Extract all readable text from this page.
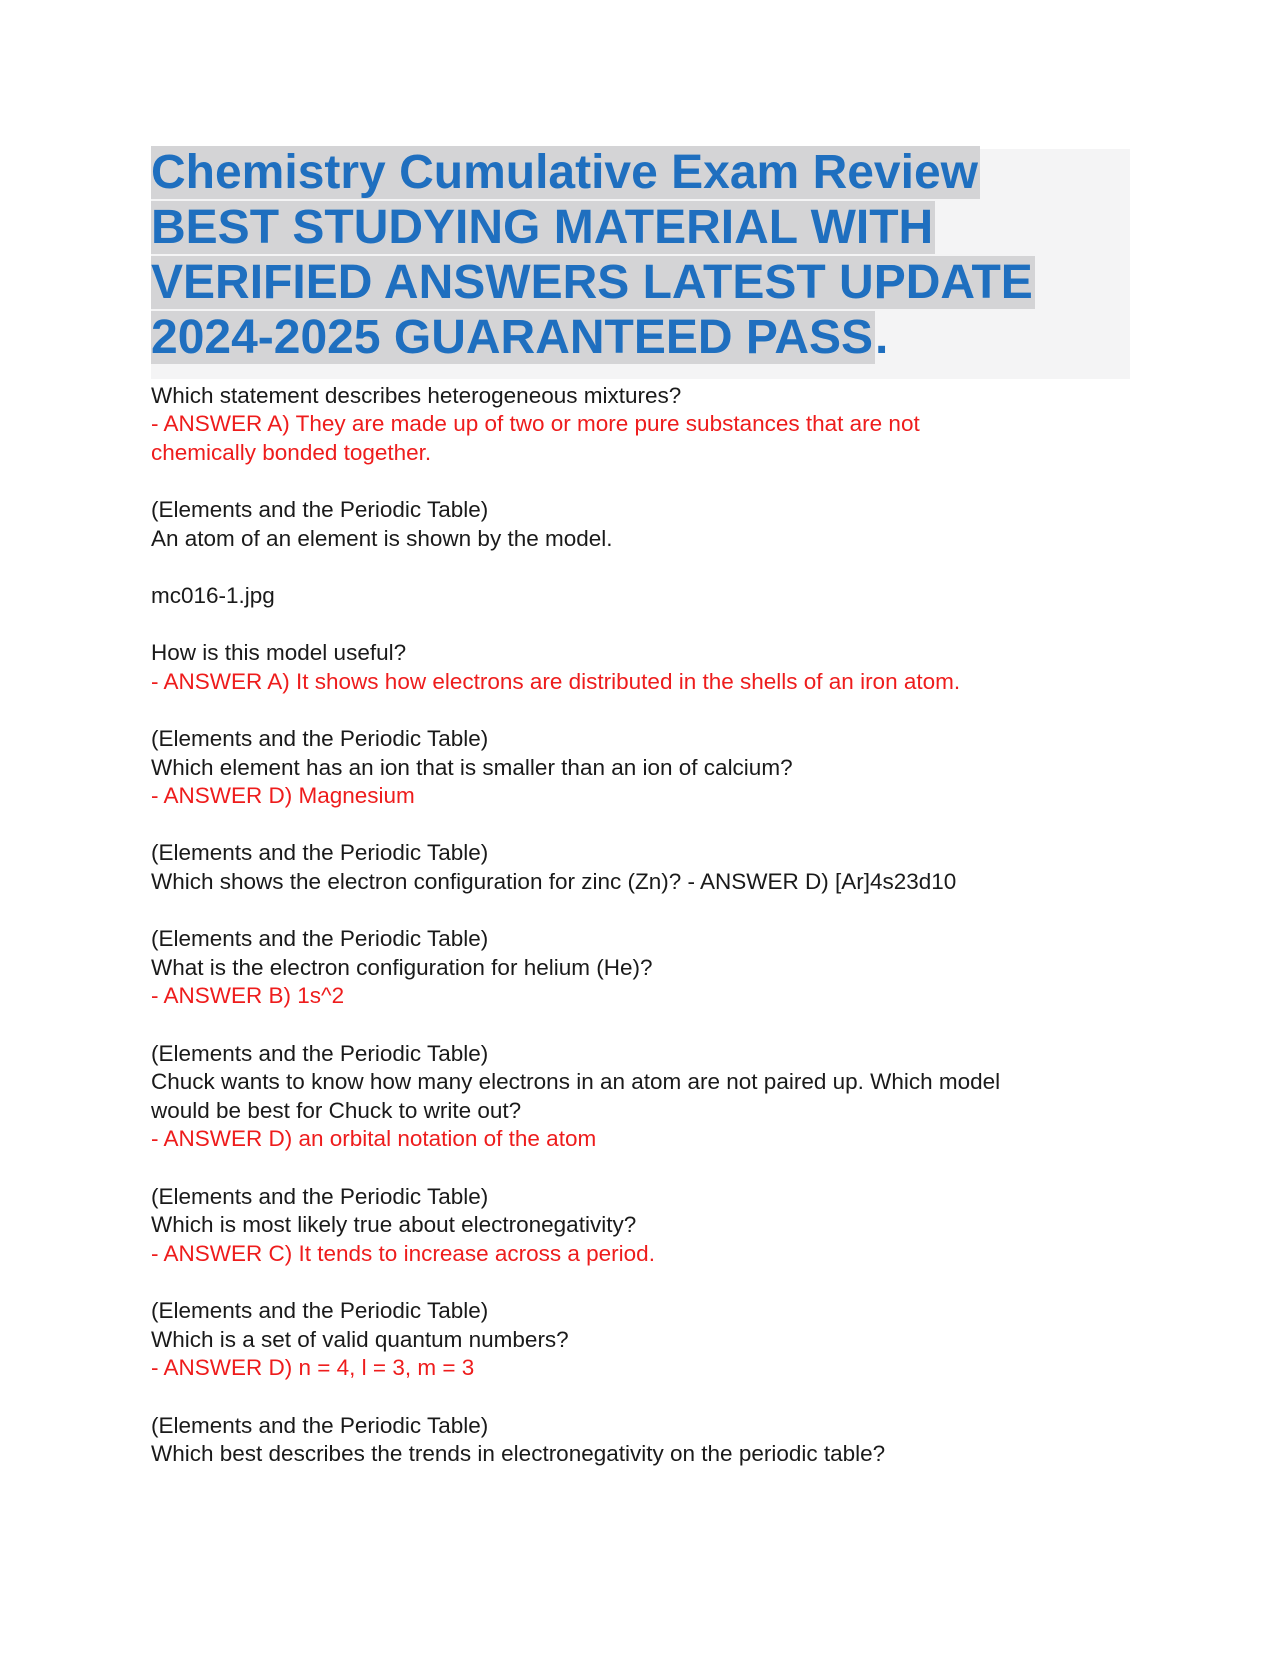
Chemistry Cumulative Exam Review
BEST STUDYING MATERIAL WITH
VERIFIED ANSWERS LATEST UPDATE
2024-2025 GUARANTEED PASS.
Which statement describes heterogeneous mixtures?
- ANSWER A) They are made up of two or more pure substances that are not
chemically bonded together.
(Elements and the Periodic Table)
An atom of an element is shown by the model.
mc016-1.jpg
How is this model useful?
- ANSWER A) It shows how electrons are distributed in the shells of an iron atom.
(Elements and the Periodic Table)
Which element has an ion that is smaller than an ion of calcium?
- ANSWER D) Magnesium
(Elements and the Periodic Table)
Which shows the electron configuration for zinc (Zn)? - ANSWER D) [Ar]4s23d10
(Elements and the Periodic Table)
What is the electron configuration for helium (He)?
- ANSWER B) 1s^2
(Elements and the Periodic Table)
Chuck wants to know how many electrons in an atom are not paired up. Which model
would be best for Chuck to write out?
- ANSWER D) an orbital notation of the atom
(Elements and the Periodic Table)
Which is most likely true about electronegativity?
- ANSWER C) It tends to increase across a period.
(Elements and the Periodic Table)
Which is a set of valid quantum numbers?
- ANSWER D) n = 4, l = 3, m = 3
(Elements and the Periodic Table)
Which best describes the trends in electronegativity on the periodic table?
